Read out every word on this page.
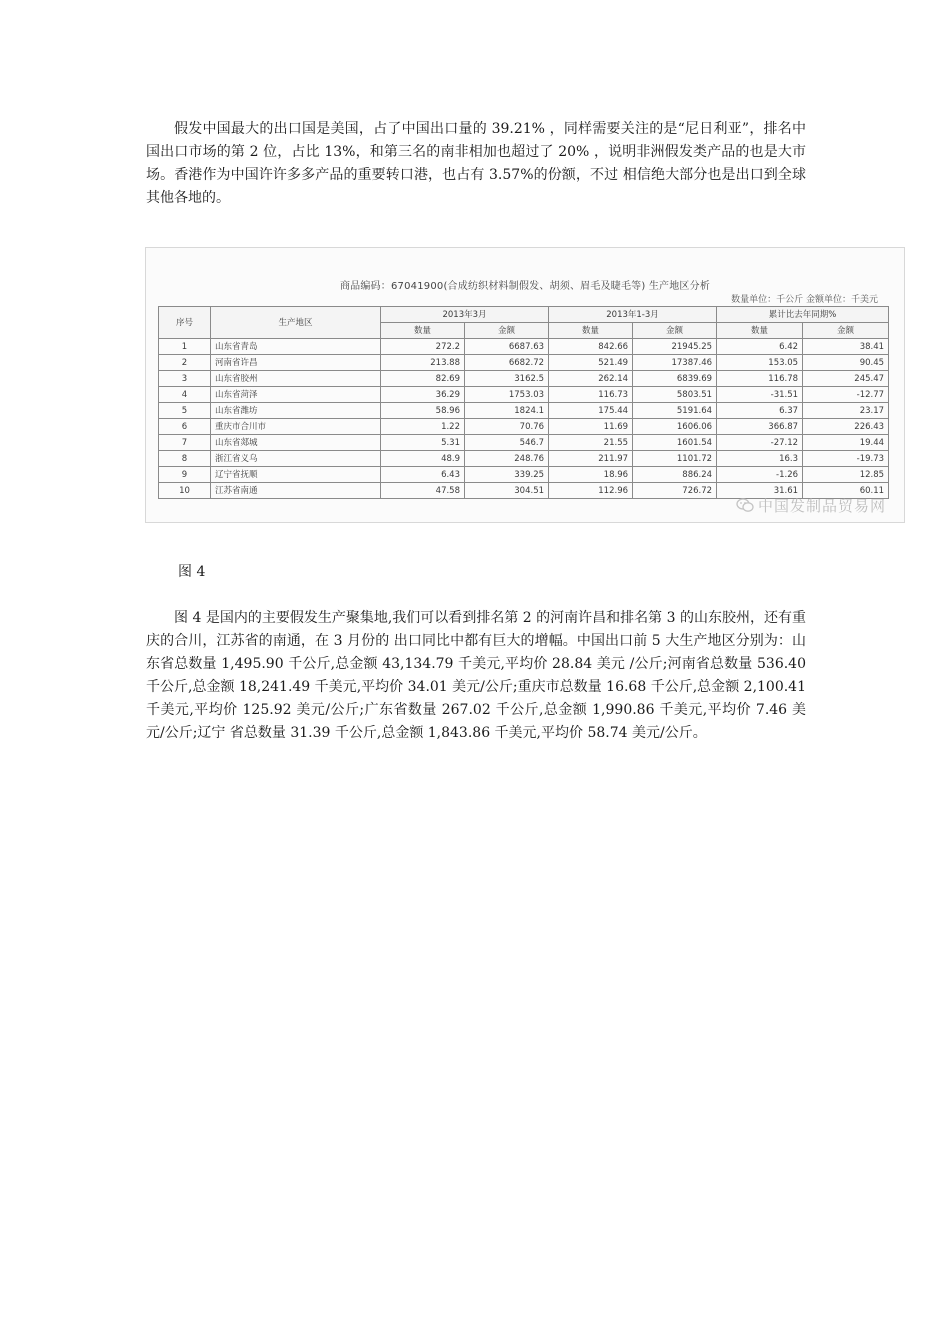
假发中国最大的出口国是美国，占了中国出口量的 39.21% ，同样需要关注的是“尼日利亚”，排名中国出口市场的第 2 位，占比 13%，和第三名的南非相加也超过了 20% ，说明非洲假发类产品的也是大市场。香港作为中国许许多多产品的重要转口港，也占有 3.57%的份额，不过 相信绝大部分也是出口到全球其他各地的。

商品编码：67041900(合成纺织材料制假发、胡须、眉毛及睫毛等) 生产地区分析
数量单位：千公斤 金额单位：千美元
序号	生产地区	2013年3月		2013年1-3月		累计比去年同期%	
		数量	金额	数量	金额	数量	金额
1	山东省青岛	272.2	6687.63	842.66	21945.25	6.42	38.41
2	河南省许昌	213.88	6682.72	521.49	17387.46	153.05	90.45
3	山东省胶州	82.69	3162.5	262.14	6839.69	116.78	245.47
4	山东省菏泽	36.29	1753.03	116.73	5803.51	-31.51	-12.77
5	山东省潍坊	58.96	1824.1	175.44	5191.64	6.37	23.17
6	重庆市合川市	1.22	70.76	11.69	1606.06	366.87	226.43
7	山东省郯城	5.31	546.7	21.55	1601.54	-27.12	19.44
8	浙江省义乌	48.9	248.76	211.97	1101.72	16.3	-19.73
9	辽宁省抚顺	6.43	339.25	18.96	886.24	-1.26	12.85
10	江苏省南通	47.58	304.51	112.96	726.72	31.61	60.11
中国发制品贸易网
图 4

图 4 是国内的主要假发生产聚集地,我们可以看到排名第 2 的河南许昌和排名第 3 的山东胶州，还有重庆的合川，江苏省的南通，在 3 月份的 出口同比中都有巨大的增幅。中国出口前 5 大生产地区分别为：山东省总数量 1,495.90 千公斤,总金额 43,134.79 千美元,平均价 28.84 美元 /公斤;河南省总数量 536.40 千公斤,总金额 18,241.49 千美元,平均价 34.01 美元/公斤;重庆市总数量 16.68 千公斤,总金额 2,100.41 千美元,平均价 125.92 美元/公斤;广东省数量 267.02 千公斤,总金额 1,990.86 千美元,平均价 7.46 美元/公斤;辽宁 省总数量 31.39 千公斤,总金额 1,843.86 千美元,平均价 58.74 美元/公斤。
